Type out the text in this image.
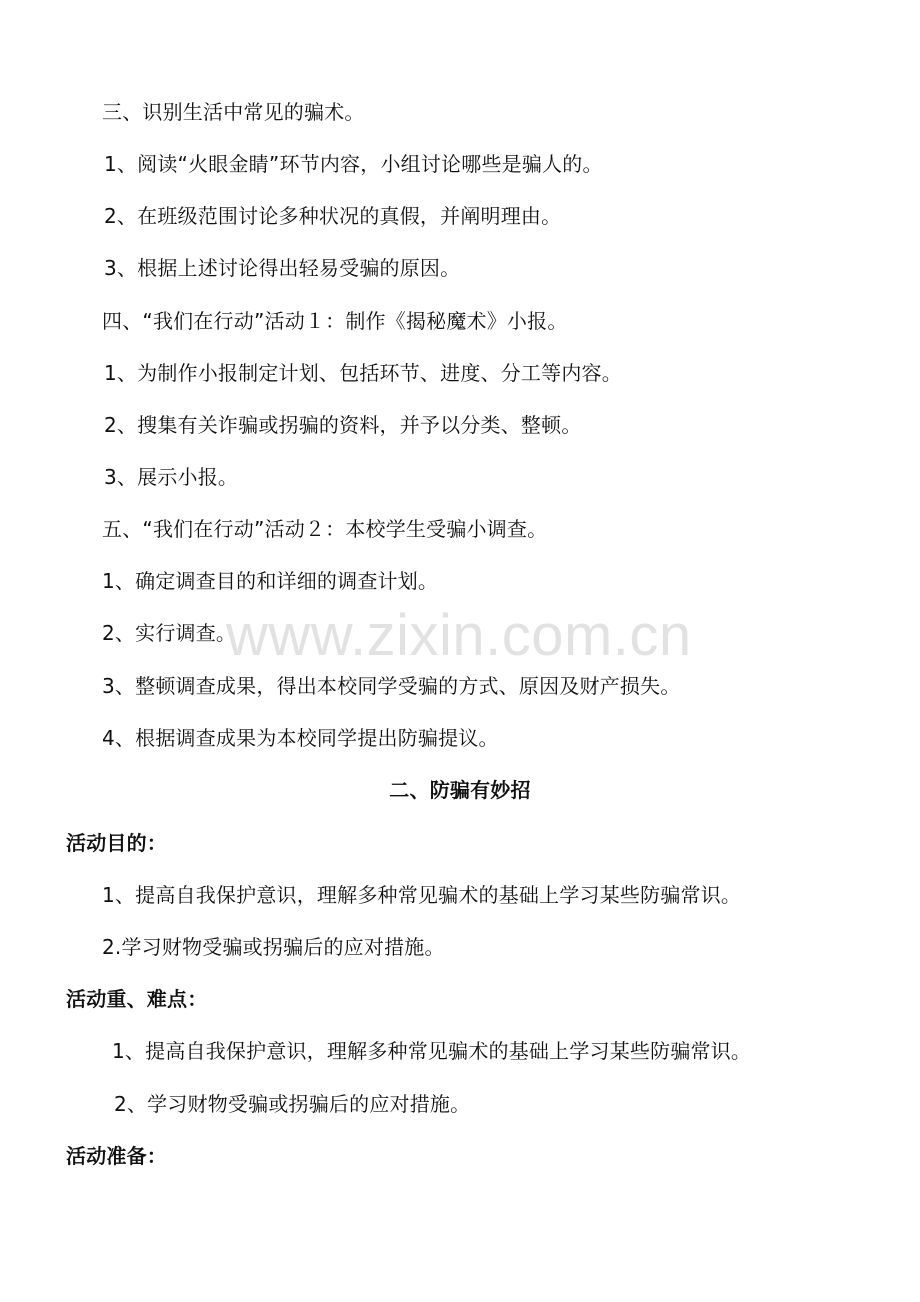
三、识别生活中常见的骗术。
1、阅读“火眼金睛”环节内容，小组讨论哪些是骗人的。
2、在班级范围讨论多种状况的真假，并阐明理由。
3、根据上述讨论得出轻易受骗的原因。
四、“我们在行动”活动１：制作《揭秘魔术》小报。
1、为制作小报制定计划、包括环节、进度、分工等内容。
2、搜集有关诈骗或拐骗的资料，并予以分类、整顿。
3、展示小报。
五、“我们在行动”活动２：本校学生受骗小调查。
1、确定调查目的和详细的调查计划。
2、实行调查。
3、整顿调查成果，得出本校同学受骗的方式、原因及财产损失。
4、根据调查成果为本校同学提出防骗提议。
二、防骗有妙招
活动目的：
1、提高自我保护意识，理解多种常见骗术的基础上学习某些防骗常识。
2.学习财物受骗或拐骗后的应对措施。
活动重、难点：
1、提高自我保护意识，理解多种常见骗术的基础上学习某些防骗常识。
2、学习财物受骗或拐骗后的应对措施。
活动准备：
www.zixin.com.cn
